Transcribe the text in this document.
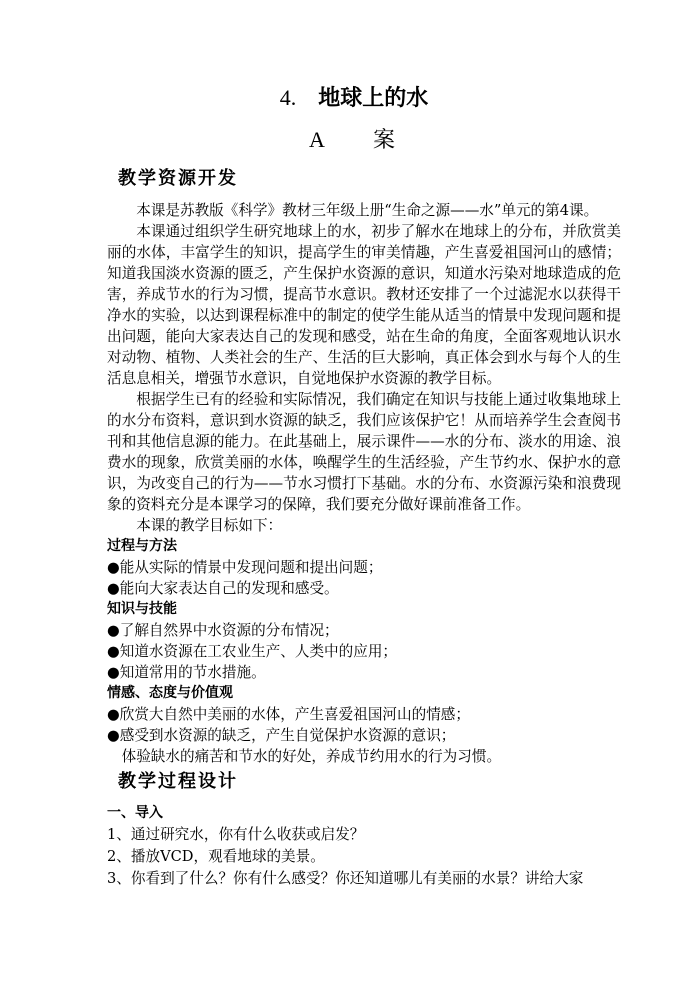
4. 地球上的水
A 案
教学资源开发

本课是苏教版《科学》教材三年级上册“生命之源——水”单元的第4课。

本课通过组织学生研究地球上的水，初步了解水在地球上的分布，并欣赏美丽的水体，丰富学生的知识，提高学生的审美情趣，产生喜爱祖国河山的感情；知道我国淡水资源的匮乏，产生保护水资源的意识，知道水污染对地球造成的危害，养成节水的行为习惯，提高节水意识。教材还安排了一个过滤泥水以获得干净水的实验，以达到课程标准中的制定的使学生能从适当的情景中发现问题和提出问题，能向大家表达自己的发现和感受，站在生命的角度，全面客观地认识水对动物、植物、人类社会的生产、生活的巨大影响，真正体会到水与每个人的生活息息相关，增强节水意识，自觉地保护水资源的教学目标。

根据学生已有的经验和实际情况，我们确定在知识与技能上通过收集地球上的水分布资料，意识到水资源的缺乏，我们应该保护它！从而培养学生会查阅书刊和其他信息源的能力。在此基础上，展示课件——水的分布、淡水的用途、浪费水的现象，欣赏美丽的水体，唤醒学生的生活经验，产生节约水、保护水的意识，为改变自己的行为——节水习惯打下基础。水的分布、水资源污染和浪费现象的资料充分是本课学习的保障，我们要充分做好课前准备工作。

本课的教学目标如下：

过程与方法

●能从实际的情景中发现问题和提出问题；

●能向大家表达自己的发现和感受。

知识与技能

●了解自然界中水资源的分布情况；

●知道水资源在工农业生产、人类中的应用；

●知道常用的节水措施。

情感、态度与价值观

●欣赏大自然中美丽的水体，产生喜爱祖国河山的情感；

●感受到水资源的缺乏，产生自觉保护水资源的意识；

体验缺水的痛苦和节水的好处，养成节约用水的行为习惯。

教学过程设计

一、导入

1、通过研究水，你有什么收获或启发？

2、播放VCD，观看地球的美景。

3、你看到了什么？你有什么感受？你还知道哪儿有美丽的水景？讲给大家
